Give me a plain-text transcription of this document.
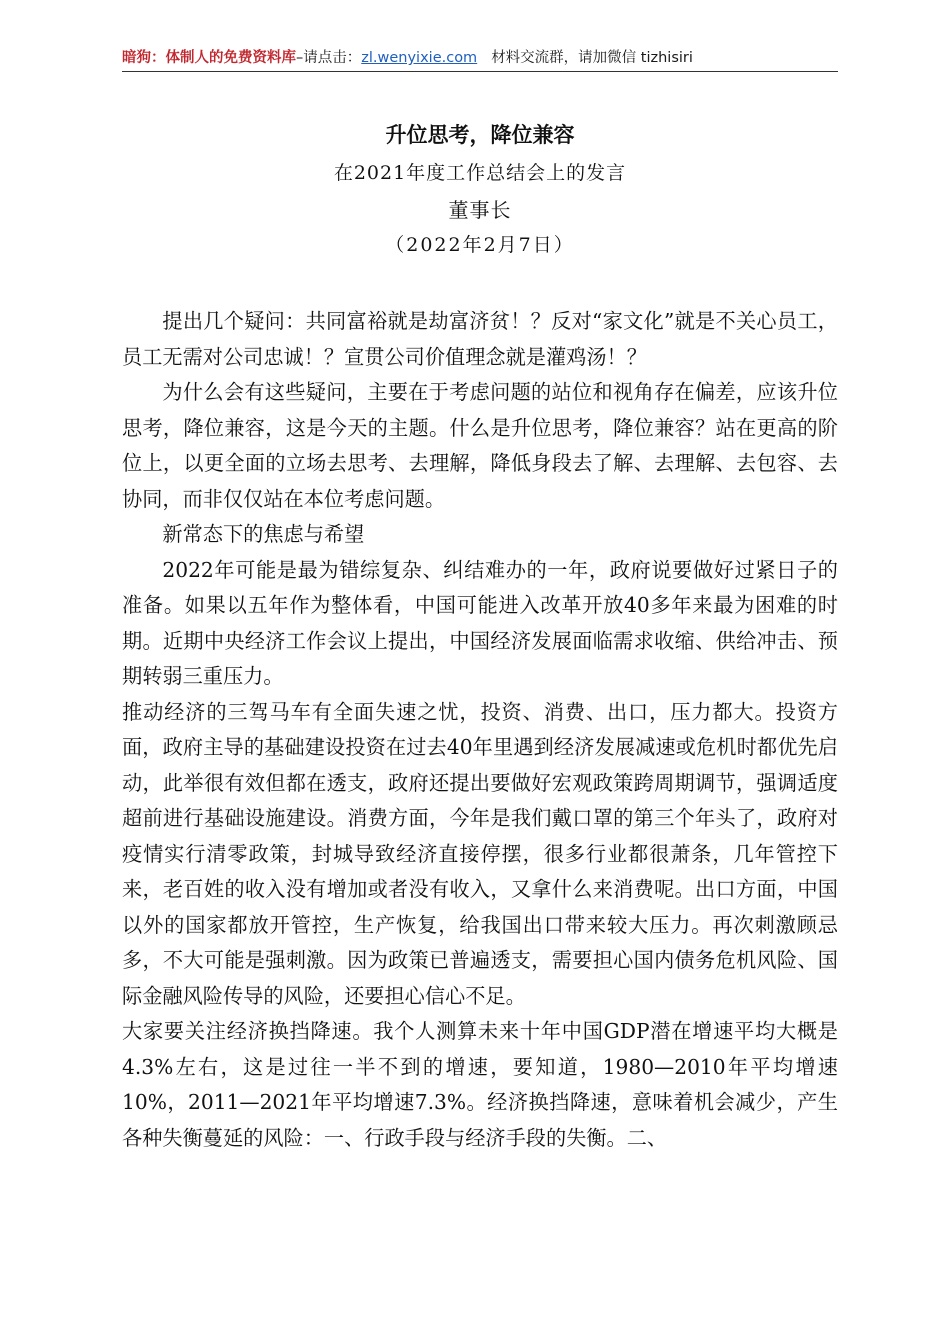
暗狗：体制人的免费资料库–请点击：zl.wenyixie.com 材料交流群，请加微信 tizhisiri
升位思考，降位兼容
在2021年度工作总结会上的发言
董事长
（2022年2月7日）

提出几个疑问：共同富裕就是劫富济贫！？反对“家文化”就是不关心员工，员工无需对公司忠诚！？宣贯公司价值理念就是灌鸡汤！？

为什么会有这些疑问，主要在于考虑问题的站位和视角存在偏差，应该升位思考，降位兼容，这是今天的主题。什么是升位思考，降位兼容？站在更高的阶位上，以更全面的立场去思考、去理解，降低身段去了解、去理解、去包容、去协同，而非仅仅站在本位考虑问题。

新常态下的焦虑与希望

2022年可能是最为错综复杂、纠结难办的一年，政府说要做好过紧日子的准备。如果以五年作为整体看，中国可能进入改革开放40多年来最为困难的时期。近期中央经济工作会议上提出，中国经济发展面临需求收缩、供给冲击、预期转弱三重压力。

推动经济的三驾马车有全面失速之忧，投资、消费、出口，压力都大。投资方面，政府主导的基础建设投资在过去40年里遇到经济发展减速或危机时都优先启动，此举很有效但都在透支，政府还提出要做好宏观政策跨周期调节，强调适度超前进行基础设施建设。消费方面，今年是我们戴口罩的第三个年头了，政府对疫情实行清零政策，封城导致经济直接停摆，很多行业都很萧条，几年管控下来，老百姓的收入没有增加或者没有收入，又拿什么来消费呢。出口方面，中国以外的国家都放开管控，生产恢复，给我国出口带来较大压力。再次刺激顾忌多，不大可能是强刺激。因为政策已普遍透支，需要担心国内债务危机风险、国际金融风险传导的风险，还要担心信心不足。

大家要关注经济换挡降速。我个人测算未来十年中国GDP潜在增速平均大概是4.3%左右，这是过往一半不到的增速，要知道，1980—2010年平均增速10%，2011—2021年平均增速7.3%。经济换挡降速，意味着机会减少，产生各种失衡蔓延的风险：一、行政手段与经济手段的失衡。二、
